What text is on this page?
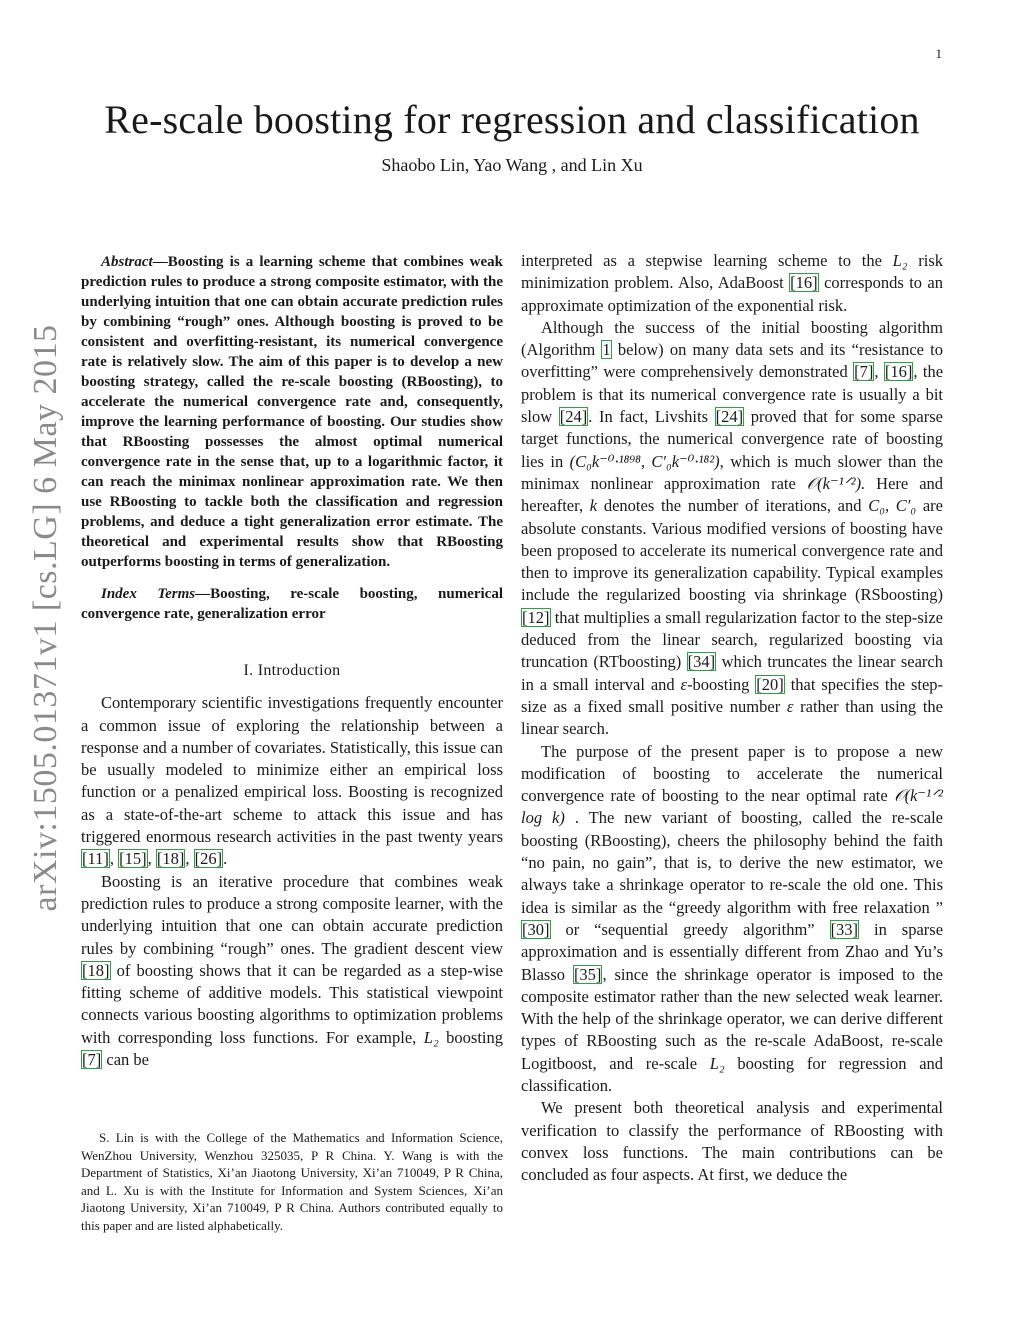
1
arXiv:1505.01371v1 [cs.LG] 6 May 2015
Re-scale boosting for regression and classification
Shaobo Lin, Yao Wang , and Lin Xu

Abstract—Boosting is a learning scheme that combines weak prediction rules to produce a strong composite estimator, with the underlying intuition that one can obtain accurate prediction rules by combining “rough” ones. Although boosting is proved to be consistent and overfitting-resistant, its numerical convergence rate is relatively slow. The aim of this paper is to develop a new boosting strategy, called the re-scale boosting (RBoosting), to accelerate the numerical convergence rate and, consequently, improve the learning performance of boosting. Our studies show that RBoosting possesses the almost optimal numerical convergence rate in the sense that, up to a logarithmic factor, it can reach the minimax nonlinear approximation rate. We then use RBoosting to tackle both the classification and regression problems, and deduce a tight generalization error estimate. The theoretical and experimental results show that RBoosting outperforms boosting in terms of generalization.

Index Terms—Boosting, re-scale boosting, numerical convergence rate, generalization error

I. Introduction

Contemporary scientific investigations frequently encounter a common issue of exploring the relationship between a response and a number of covariates. Statistically, this issue can be usually modeled to minimize either an empirical loss function or a penalized empirical loss. Boosting is recognized as a state-of-the-art scheme to attack this issue and has triggered enormous research activities in the past twenty years [11], [15], [18], [26].

Boosting is an iterative procedure that combines weak prediction rules to produce a strong composite learner, with the underlying intuition that one can obtain accurate prediction rules by combining “rough” ones. The gradient descent view [18] of boosting shows that it can be regarded as a step-wise fitting scheme of additive models. This statistical viewpoint connects various boosting algorithms to optimization problems with corresponding loss functions. For example, L₂ boosting [7] can be

S. Lin is with the College of the Mathematics and Information Science, WenZhou University, Wenzhou 325035, P R China. Y. Wang is with the Department of Statistics, Xi’an Jiaotong University, Xi’an 710049, P R China, and L. Xu is with the Institute for Information and System Sciences, Xi’an Jiaotong University, Xi’an 710049, P R China. Authors contributed equally to this paper and are listed alphabetically.

interpreted as a stepwise learning scheme to the L₂ risk minimization problem. Also, AdaBoost [16] corresponds to an approximate optimization of the exponential risk.

Although the success of the initial boosting algorithm (Algorithm 1 below) on many data sets and its “resistance to overfitting” were comprehensively demonstrated [7], [16], the problem is that its numerical convergence rate is usually a bit slow [24]. In fact, Livshits [24] proved that for some sparse target functions, the numerical convergence rate of boosting lies in (C₀k⁻⁰·¹⁸⁹⁸, C′₀k⁻⁰·¹⁸²), which is much slower than the minimax nonlinear approximation rate 𝒪(k⁻¹ᐟ²). Here and hereafter, k denotes the number of iterations, and C₀, C′₀ are absolute constants. Various modified versions of boosting have been proposed to accelerate its numerical convergence rate and then to improve its generalization capability. Typical examples include the regularized boosting via shrinkage (RSboosting) [12] that multiplies a small regularization factor to the step-size deduced from the linear search, regularized boosting via truncation (RTboosting) [34] which truncates the linear search in a small interval and ε-boosting [20] that specifies the step-size as a fixed small positive number ε rather than using the linear search.

The purpose of the present paper is to propose a new modification of boosting to accelerate the numerical convergence rate of boosting to the near optimal rate 𝒪(k⁻¹ᐟ² log k) . The new variant of boosting, called the re-scale boosting (RBoosting), cheers the philosophy behind the faith “no pain, no gain”, that is, to derive the new estimator, we always take a shrinkage operator to re-scale the old one. This idea is similar as the “greedy algorithm with free relaxation ” [30] or “sequential greedy algorithm” [33] in sparse approximation and is essentially different from Zhao and Yu’s Blasso [35], since the shrinkage operator is imposed to the composite estimator rather than the new selected weak learner. With the help of the shrinkage operator, we can derive different types of RBoosting such as the re-scale AdaBoost, re-scale Logitboost, and re-scale L₂ boosting for regression and classification.

We present both theoretical analysis and experimental verification to classify the performance of RBoosting with convex loss functions. The main contributions can be concluded as four aspects. At first, we deduce the
